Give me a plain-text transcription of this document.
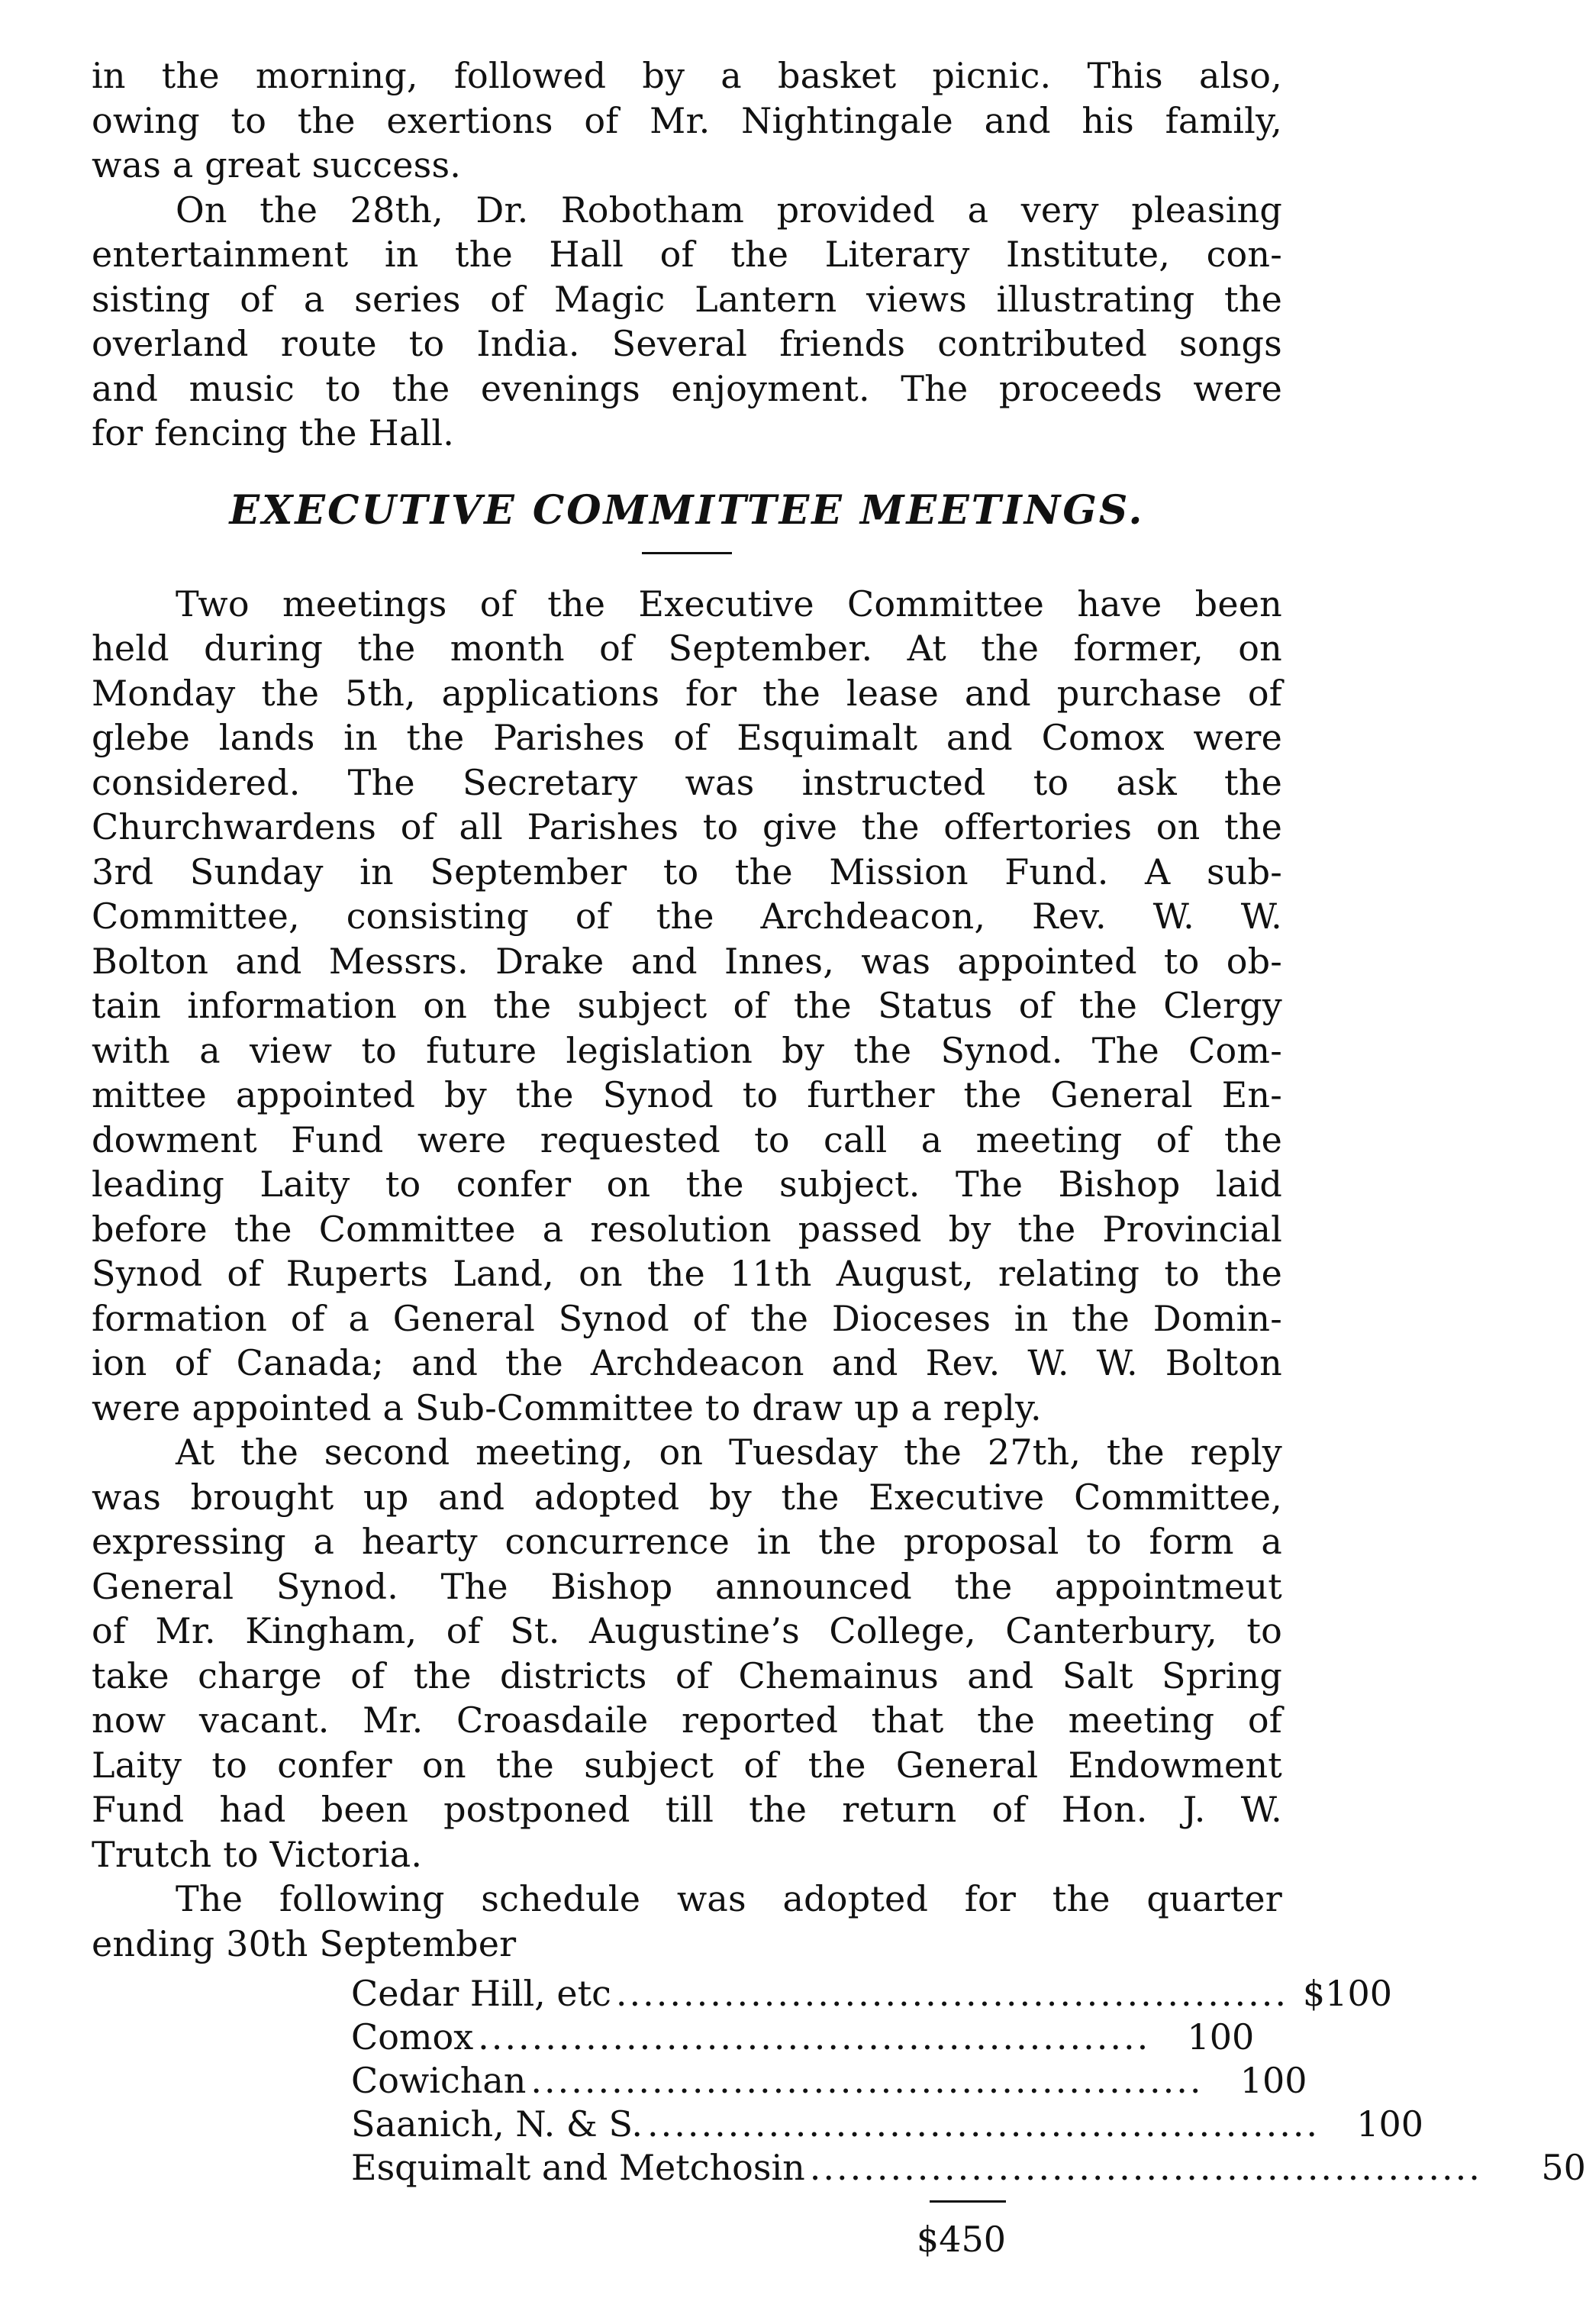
in the morning, followed by a basket picnic. This also,
owing to the exertions of Mr. Nightingale and his family,
was a great success.

On the 28th, Dr. Robotham provided a very pleasing
entertainment in the Hall of the Literary Institute, con-
sisting of a series of Magic Lantern views illustrating the
overland route to India. Several friends contributed songs
and music to the evenings enjoyment. The proceeds were
for fencing the Hall.

EXECUTIVE COMMITTEE MEETINGS.

Two meetings of the Executive Committee have been
held during the month of September. At the former, on
Monday the 5th, applications for the lease and purchase of
glebe lands in the Parishes of Esquimalt and Comox were
considered. The Secretary was instructed to ask the
Churchwardens of all Parishes to give the offertories on the
3rd Sunday in September to the Mission Fund. A sub-
Committee, consisting of the Archdeacon, Rev. W. W.
Bolton and Messrs. Drake and Innes, was appointed to ob-
tain information on the subject of the Status of the Clergy
with a view to future legislation by the Synod. The Com-
mittee appointed by the Synod to further the General En-
dowment Fund were requested to call a meeting of the
leading Laity to confer on the subject. The Bishop laid
before the Committee a resolution passed by the Provincial
Synod of Ruperts Land, on the 11th August, relating to the
formation of a General Synod of the Dioceses in the Domin-
ion of Canada; and the Archdeacon and Rev. W. W. Bolton
were appointed a Sub-Committee to draw up a reply.

At the second meeting, on Tuesday the 27th, the reply
was brought up and adopted by the Executive Committee,
expressing a hearty concurrence in the proposal to form a
General Synod. The Bishop announced the appointmeut
of Mr. Kingham, of St. Augustine’s College, Canterbury, to
take charge of the districts of Chemainus and Salt Spring
now vacant. Mr. Croasdaile reported that the meeting of
Laity to confer on the subject of the General Endowment
Fund had been postponed till the return of Hon. J. W.
Trutch to Victoria.

The following schedule was adopted for the quarter
ending 30th September

Cedar Hill, etc .................................................. $100
Comox ..................................................	100
Cowichan ..................................................	100
Saanich, N. & S. ..................................................	100
Esquimalt and Metchosin ..................................................	50
$450
